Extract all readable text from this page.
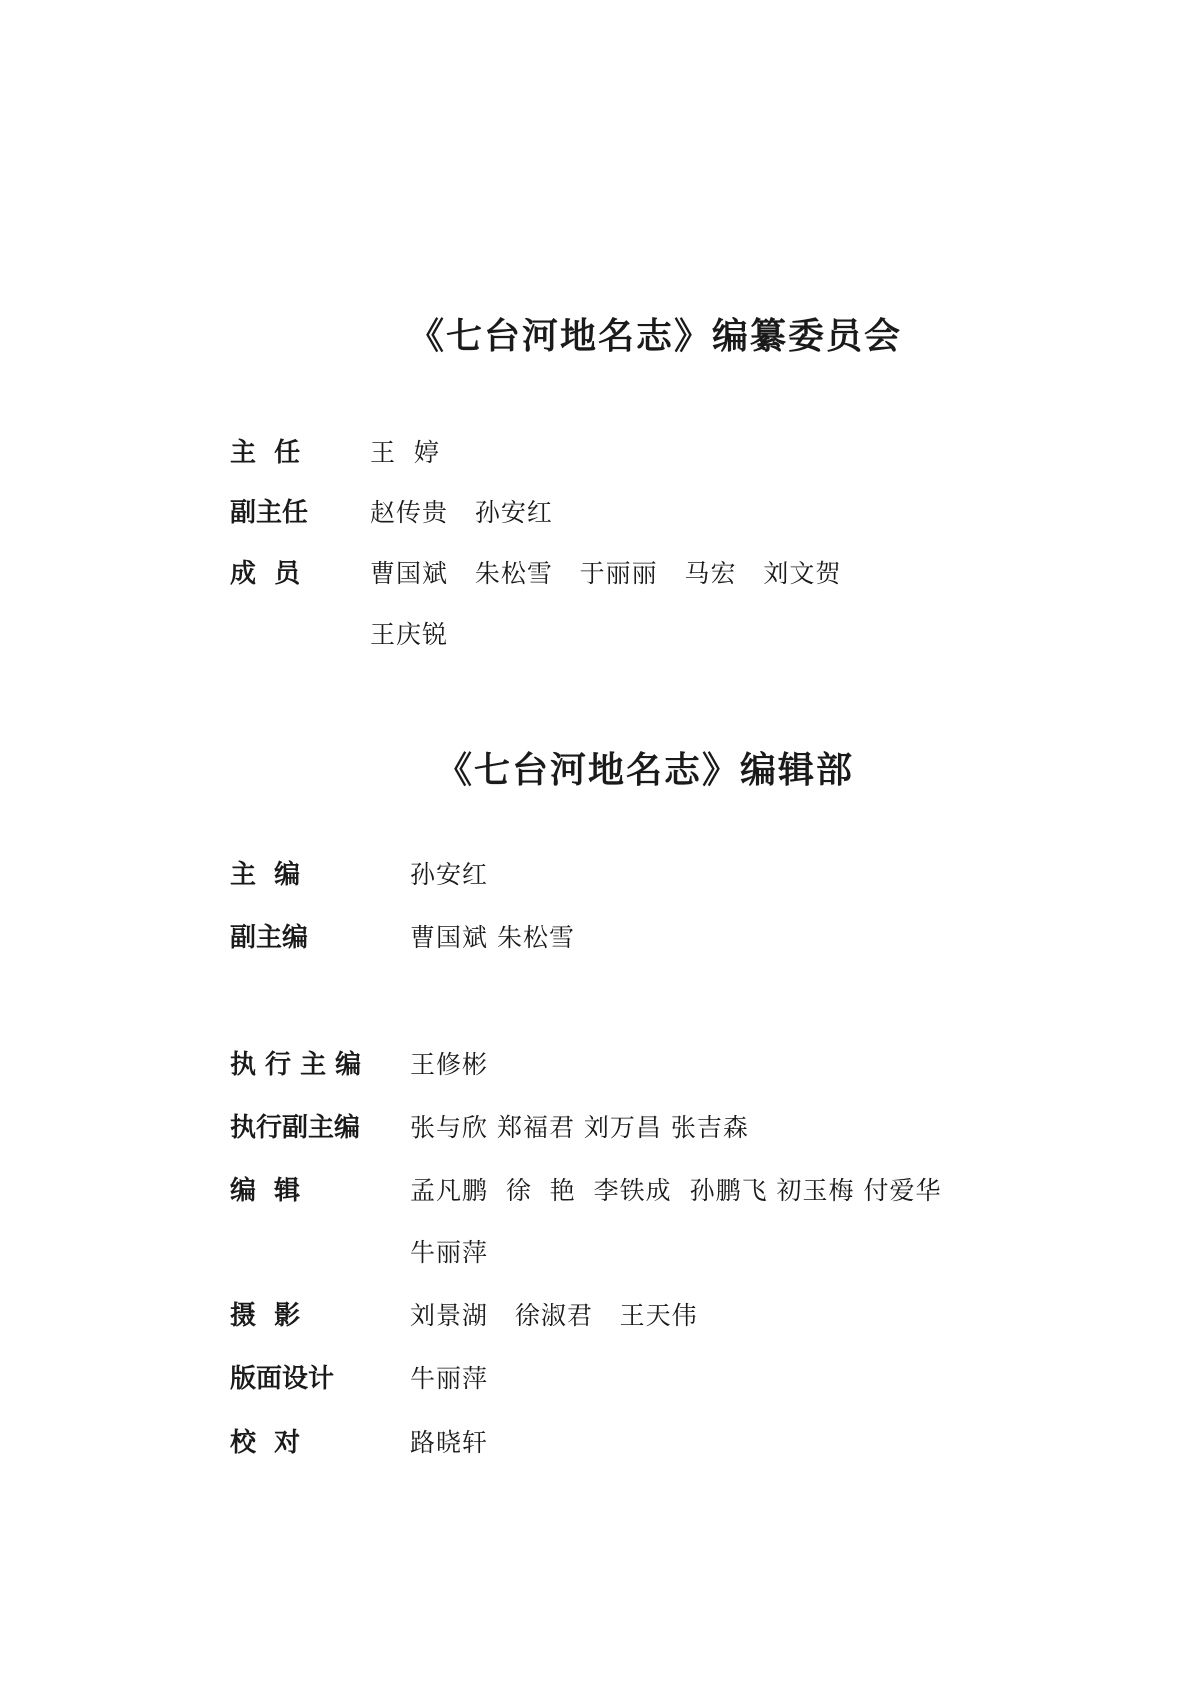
《七台河地名志》编纂委员会
主  任	王  婷
副主任 赵传贵   孙安红
成  员	曹国斌   朱松雪   于丽丽   马宏   刘文贺
王庆锐
《七台河地名志》编辑部
主  编	孙安红
副主编	曹国斌 朱松雪
执 行 主 编 王修彬
执行副主编 张与欣 郑福君 刘万昌 张吉森
编  辑	孟凡鹏  徐  艳  李铁成  孙鹏飞 初玉梅 付爱华
牛丽萍
摄  影	刘景湖   徐淑君   王天伟
版面设计	牛丽萍
校  对	路晓轩
